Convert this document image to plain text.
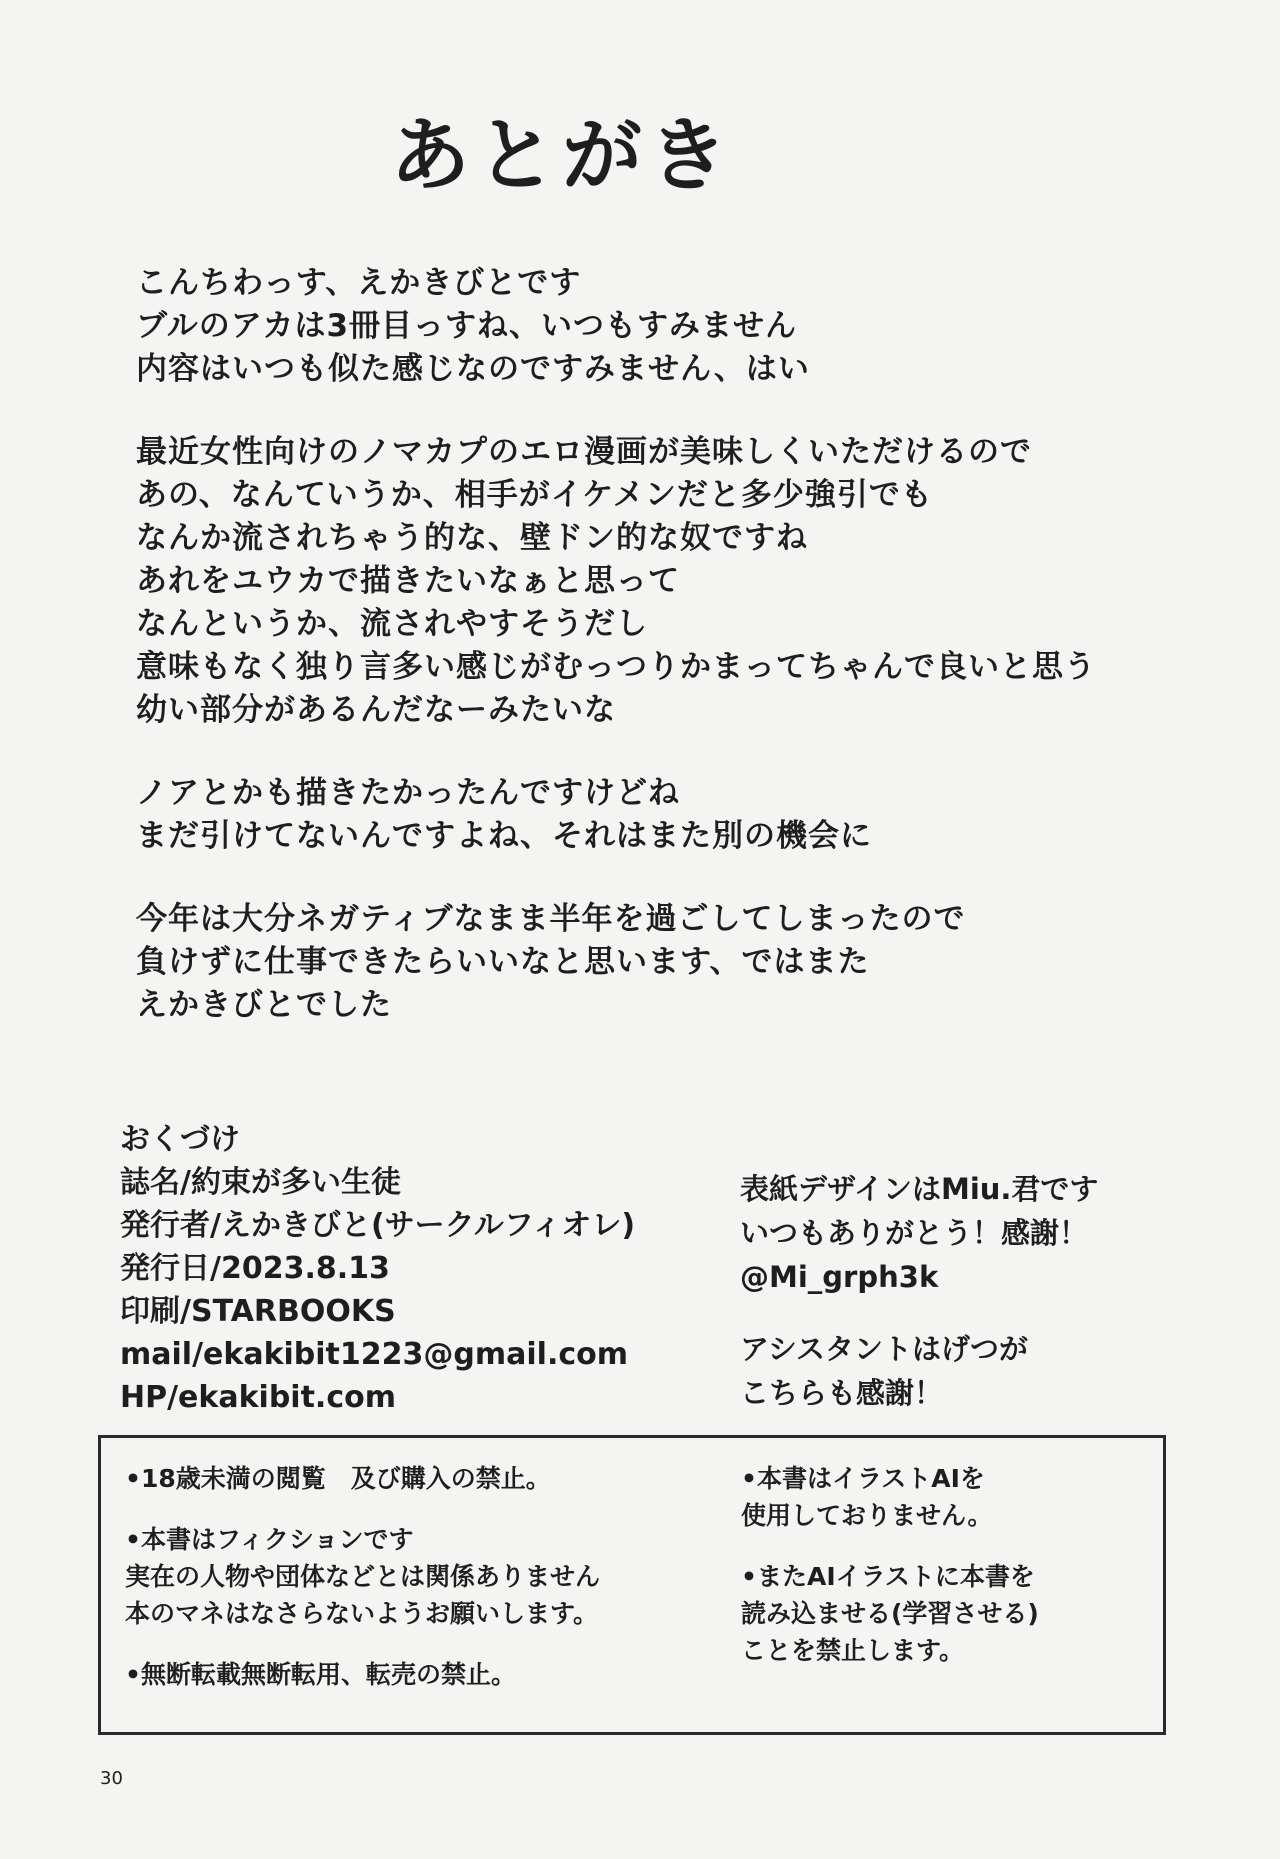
あとがき

こんちわっす、えかきびとです
ブルのアカは3冊目っすね、いつもすみません
内容はいつも似た感じなのですみません、はい

最近女性向けのノマカプのエロ漫画が美味しくいただけるので
あの、なんていうか、相手がイケメンだと多少強引でも
なんか流されちゃう的な、壁ドン的な奴ですね
あれをユウカで描きたいなぁと思って
なんというか、流されやすそうだし
意味もなく独り言多い感じがむっつりかまってちゃんで良いと思う
幼い部分があるんだなーみたいな

ノアとかも描きたかったんですけどね
まだ引けてないんですよね、それはまた別の機会に

今年は大分ネガティブなまま半年を過ごしてしまったので
負けずに仕事できたらいいなと思います、ではまた
えかきびとでした

おくづけ
誌名/約束が多い生徒
発行者/えかきびと(サークルフィオレ)
発行日/2023.8.13
印刷/STARBOOKS
mail/ekakibit1223@gmail.com
HP/ekakibit.com
表紙デザインはMiu.君です
いつもありがとう！感謝！
@Mi_grph3k
アシスタントはげつが
こちらも感謝！

•18歳未満の閲覧　及び購入の禁止。

•本書はフィクションです
実在の人物や団体などとは関係ありません
本のマネはなさらないようお願いします。

•無断転載無断転用、転売の禁止。

•本書はイラストAIを
使用しておりません。

•またAIイラストに本書を
読み込ませる(学習させる)
ことを禁止します。

30
